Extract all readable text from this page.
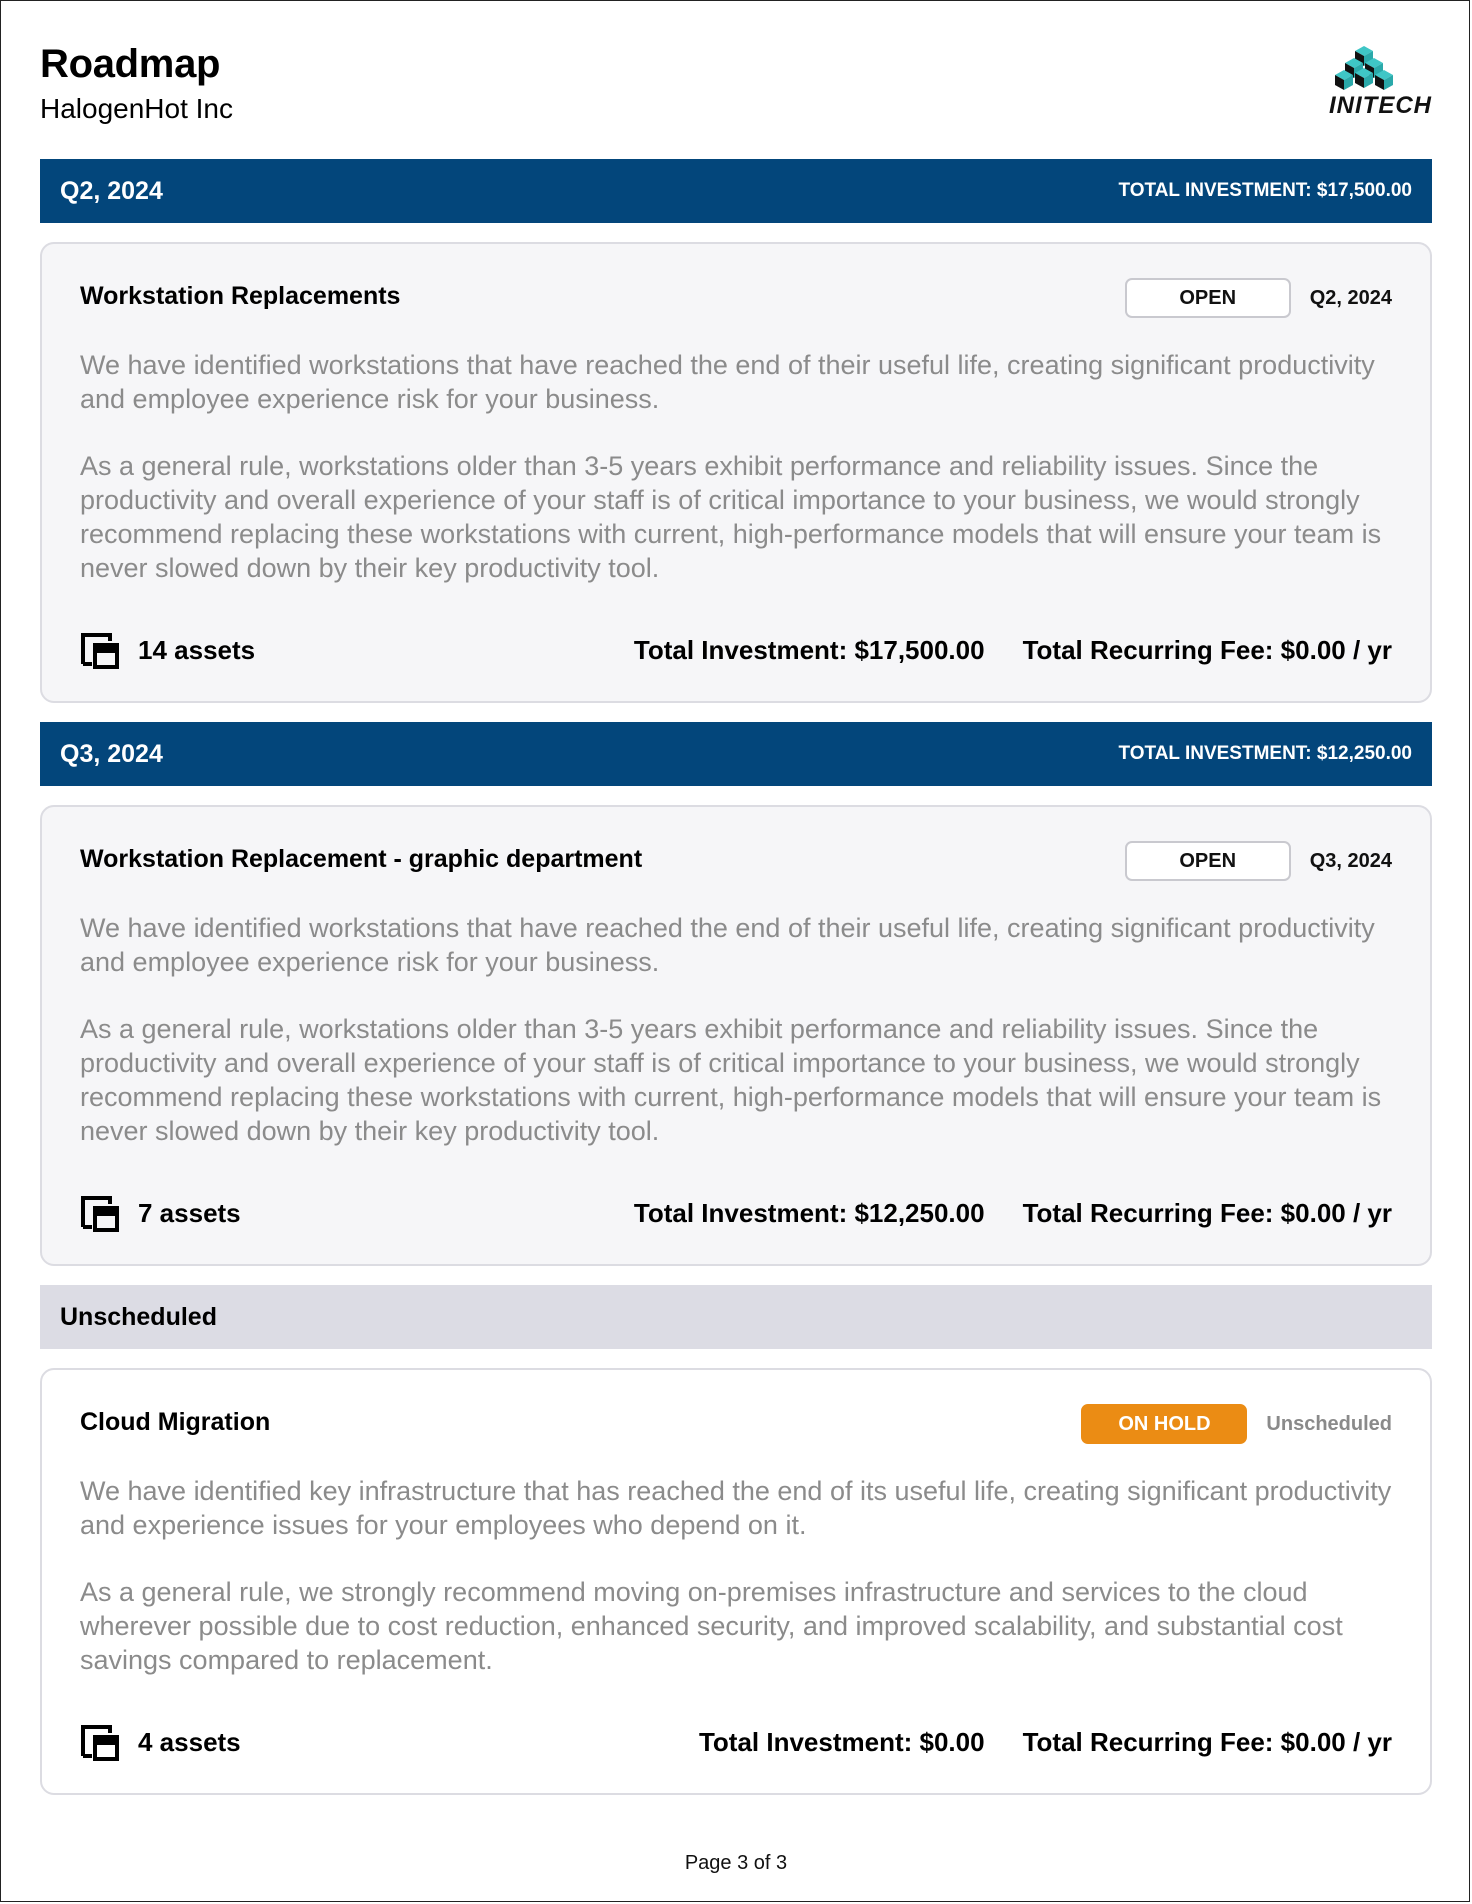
Roadmap
HalogenHot Inc	INITECH
Q2, 2024	TOTAL INVESTMENT: $17,500.00
Workstation Replacements	OPEN	Q2, 2024

We have identified workstations that have reached the end of their useful life, creating significant productivity and employee experience risk for your business.

As a general rule, workstations older than 3-5 years exhibit performance and reliability issues. Since the productivity and overall experience of your staff is of critical importance to your business, we would strongly recommend replacing these workstations with current, high-performance models that will ensure your team is never slowed down by their key productivity tool.

14 assets	Total Investment: $17,500.00 Total Recurring Fee: $0.00 / yr
Q3, 2024	TOTAL INVESTMENT: $12,250.00
Workstation Replacement - graphic department	OPEN	Q3, 2024

We have identified workstations that have reached the end of their useful life, creating significant productivity and employee experience risk for your business.

As a general rule, workstations older than 3-5 years exhibit performance and reliability issues. Since the productivity and overall experience of your staff is of critical importance to your business, we would strongly recommend replacing these workstations with current, high-performance models that will ensure your team is never slowed down by their key productivity tool.

7 assets	Total Investment: $12,250.00 Total Recurring Fee: $0.00 / yr
Unscheduled
Cloud Migration	ON HOLD	Unscheduled

We have identified key infrastructure that has reached the end of its useful life, creating significant productivity and experience issues for your employees who depend on it.

As a general rule, we strongly recommend moving on-premises infrastructure and services to the cloud wherever possible due to cost reduction, enhanced security, and improved scalability, and substantial cost savings compared to replacement.

4 assets	Total Investment: $0.00 Total Recurring Fee: $0.00 / yr
Page 3 of 3
